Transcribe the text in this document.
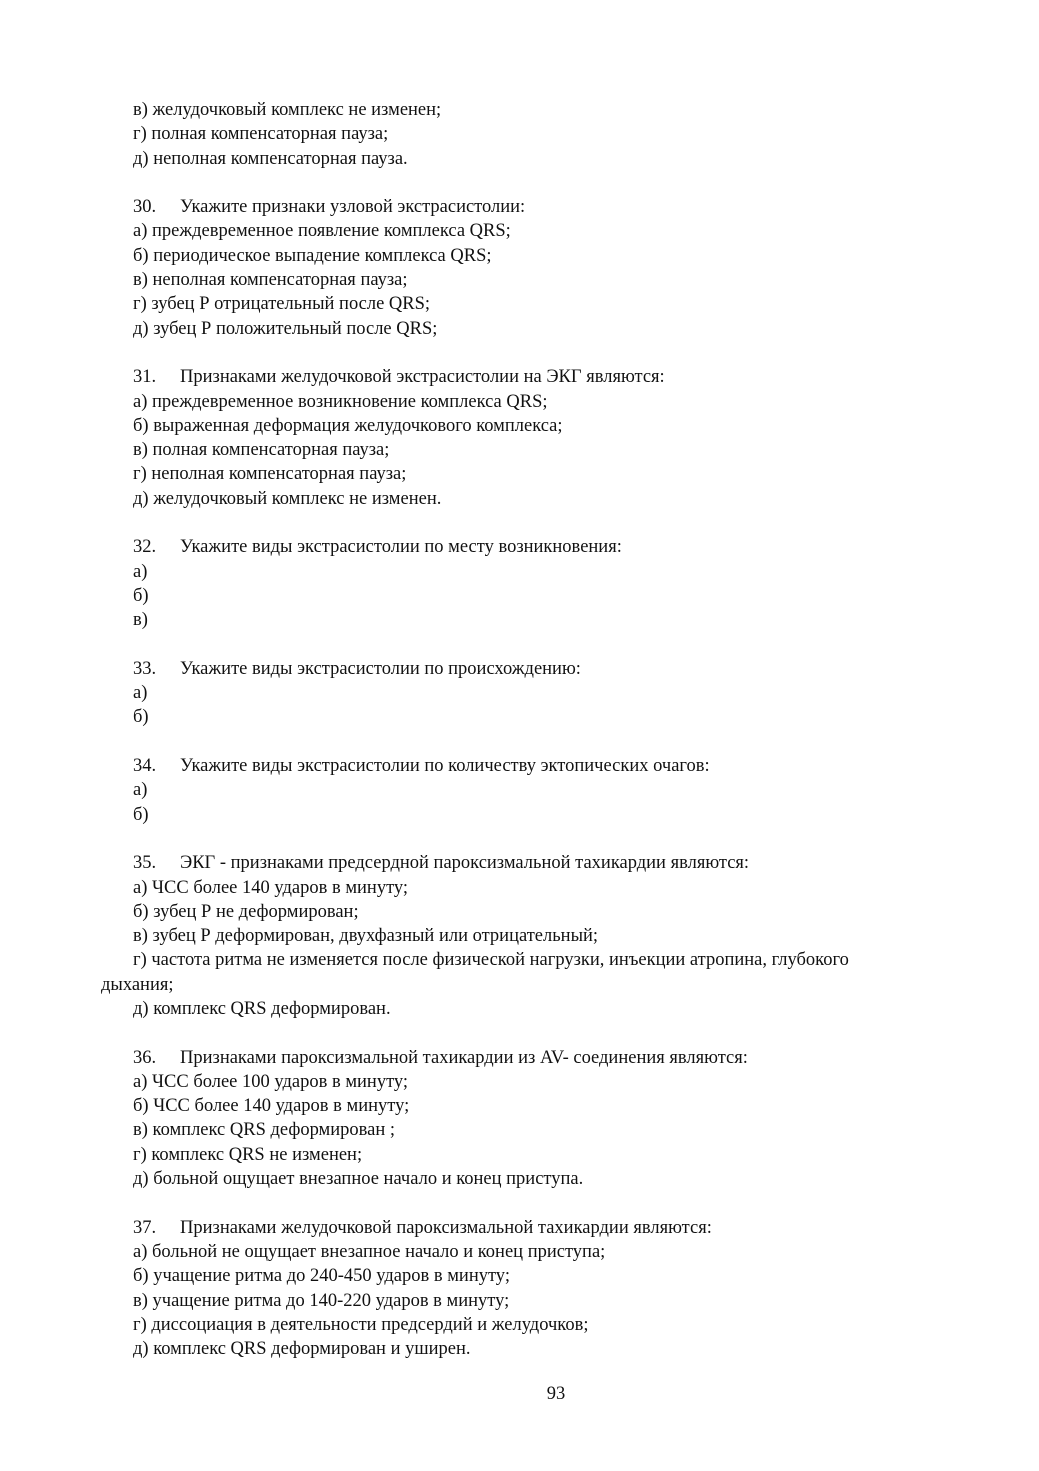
в) желудочковый комплекс не изменен;
г) полная компенсаторная пауза;
д) неполная компенсаторная пауза.
30. Укажите признаки узловой экстрасистолии:
а) преждевременное появление комплекса QRS;
б) периодическое выпадение комплекса QRS;
в) неполная компенсаторная пауза;
г) зубец Р отрицательный после QRS;
д) зубец Р положительный после QRS;
31. Признаками желудочковой экстрасистолии на ЭКГ являются:
а) преждевременное возникновение комплекса QRS;
б) выраженная деформация желудочкового комплекса;
в) полная компенсаторная пауза;
г) неполная компенсаторная пауза;
д) желудочковый комплекс не изменен.
32. Укажите виды экстрасистолии по месту возникновения:
а)
б)
в)
33. Укажите виды экстрасистолии по происхождению:
а)
б)
34. Укажите виды экстрасистолии по количеству эктопических очагов:
а)
б)
35. ЭКГ - признаками предсердной пароксизмальной тахикардии являются:
а) ЧСС более 140 ударов в минуту;
б) зубец Р не деформирован;
в) зубец Р деформирован, двухфазный или отрицательный;
г) частота ритма не изменяется после физической нагрузки, инъекции атропина, глубокого
дыхания;
д) комплекс QRS деформирован.
36. Признаками пароксизмальной тахикардии из AV- соединения являются:
а) ЧСС более 100 ударов в минуту;
б) ЧСС более 140 ударов в минуту;
в) комплекс QRS деформирован ;
г) комплекс QRS не изменен;
д) больной ощущает внезапное начало и конец приступа.
37. Признаками желудочковой пароксизмальной тахикардии являются:
а) больной не ощущает внезапное начало и конец приступа;
б) учащение ритма до 240-450 ударов в минуту;
в) учащение ритма до 140-220 ударов в минуту;
г) диссоциация в деятельности предсердий и желудочков;
д) комплекс QRS деформирован и уширен.
93
